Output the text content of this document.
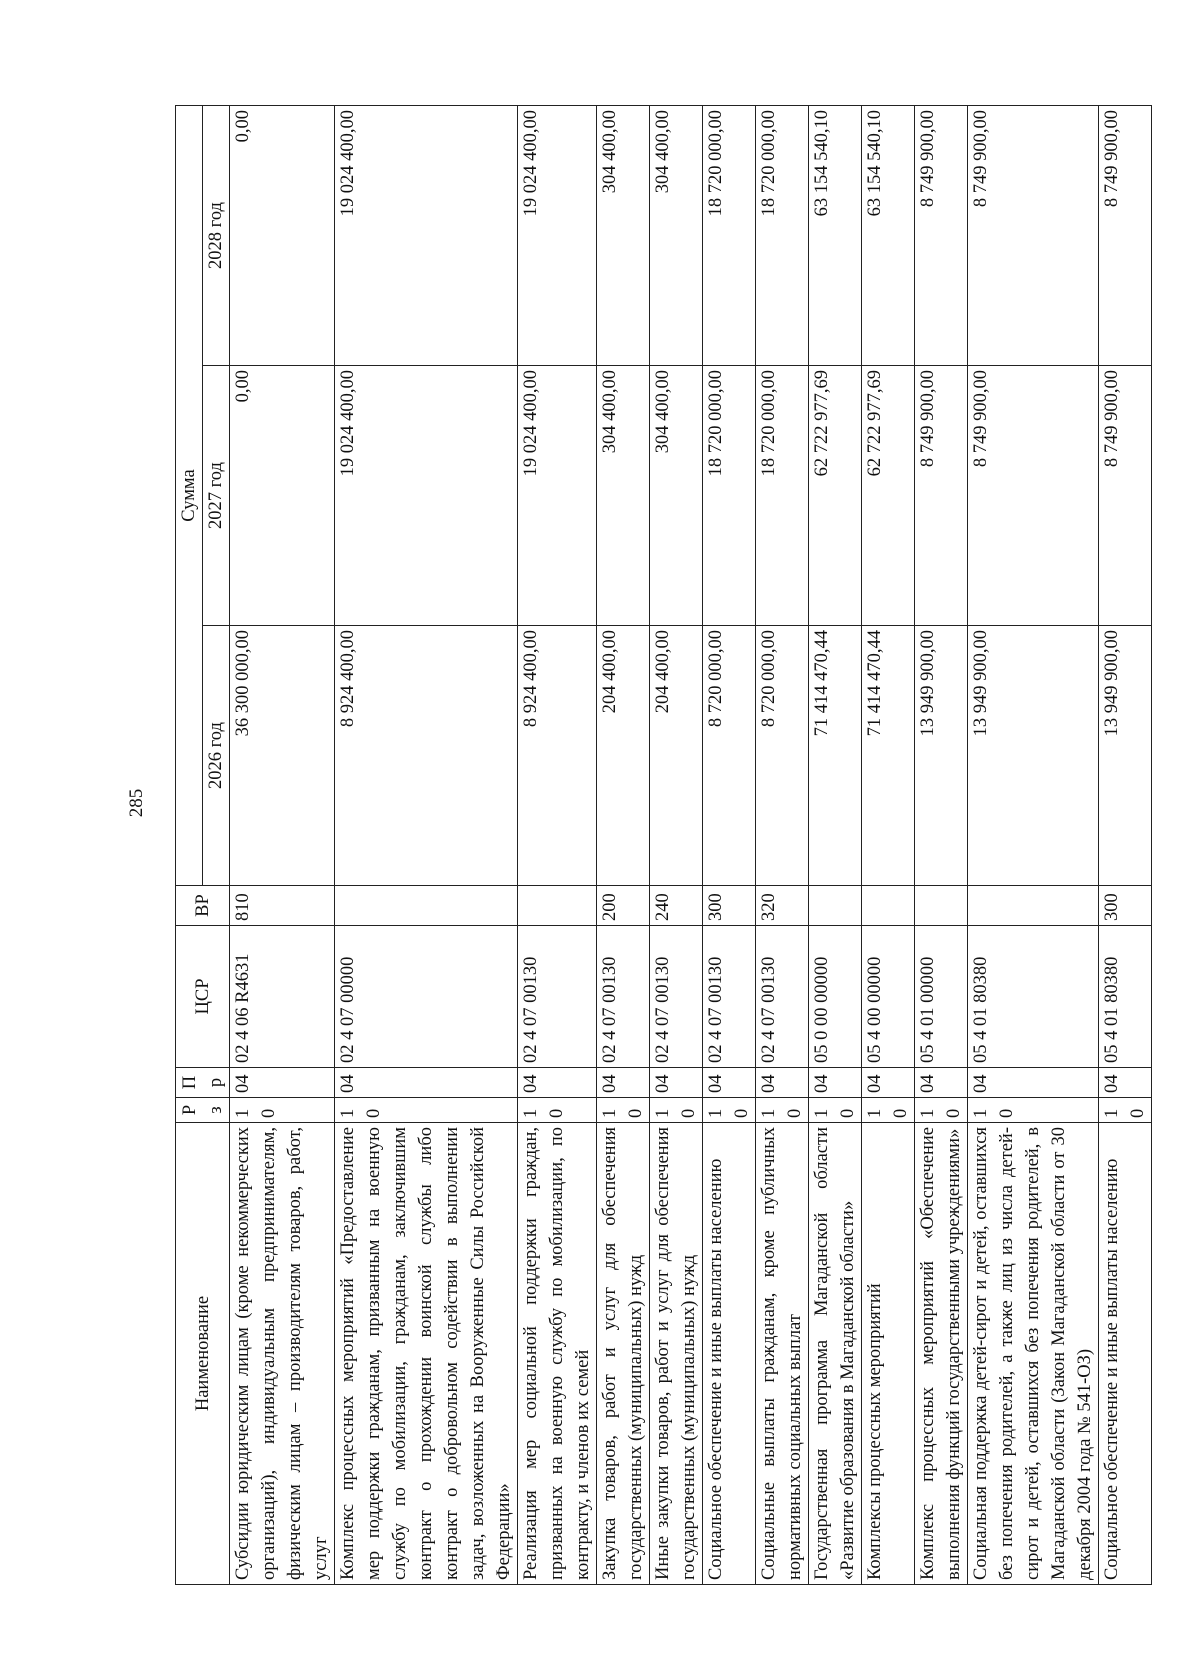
285
Наименование	Рз	Пр	ЦСР	ВР	Сумма		
					2026 год	2027 год	2028 год
Субсидии юридическим лицам (кроме некоммерческих организаций), индивидуальным предпринимателям, физическим лицам – производителям товаров, работ, услуг	10	04	02 4 06 R4631	810	36 300 000,00	0,00	0,00
Комплекс процессных мероприятий «Предоставление мер поддержки гражданам, призванным на военную службу по мобилизации, гражданам, заключившим контракт о прохождении воинской службы либо контракт о добровольном содействии в выполнении задач, возложенных на Вооруженные Силы Российской Федерации»	10	04	02 4 07 00000		8 924 400,00	19 024 400,00	19 024 400,00
Реализация мер социальной поддержки граждан, призванных на военную службу по мобилизации, по контракту, и членов их семей	10	04	02 4 07 00130		8 924 400,00	19 024 400,00	19 024 400,00
Закупка товаров, работ и услуг для обеспечения государственных (муниципальных) нужд	10	04	02 4 07 00130	200	204 400,00	304 400,00	304 400,00
Иные закупки товаров, работ и услуг для обеспечения государственных (муниципальных) нужд	10	04	02 4 07 00130	240	204 400,00	304 400,00	304 400,00
Социальное обеспечение и иные выплаты населению	10	04	02 4 07 00130	300	8 720 000,00	18 720 000,00	18 720 000,00
Социальные выплаты гражданам, кроме публичных нормативных социальных выплат	10	04	02 4 07 00130	320	8 720 000,00	18 720 000,00	18 720 000,00
Государственная программа Магаданской области «Развитие образования в Магаданской области»	10	04	05 0 00 00000		71 414 470,44	62 722 977,69	63 154 540,10
Комплексы процессных мероприятий	10	04	05 4 00 00000		71 414 470,44	62 722 977,69	63 154 540,10
Комплекс процессных мероприятий «Обеспечение выполнения функций государственными учреждениями»	10	04	05 4 01 00000		13 949 900,00	8 749 900,00	8 749 900,00
Социальная поддержка детей-сирот и детей, оставшихся без попечения родителей, а также лиц из числа детей-сирот и детей, оставшихся без попечения родителей, в Магаданской области (Закон Магаданской области от 30 декабря 2004 года № 541-ОЗ)	10	04	05 4 01 80380		13 949 900,00	8 749 900,00	8 749 900,00
Социальное обеспечение и иные выплаты населению	10	04	05 4 01 80380	300	13 949 900,00	8 749 900,00	8 749 900,00
